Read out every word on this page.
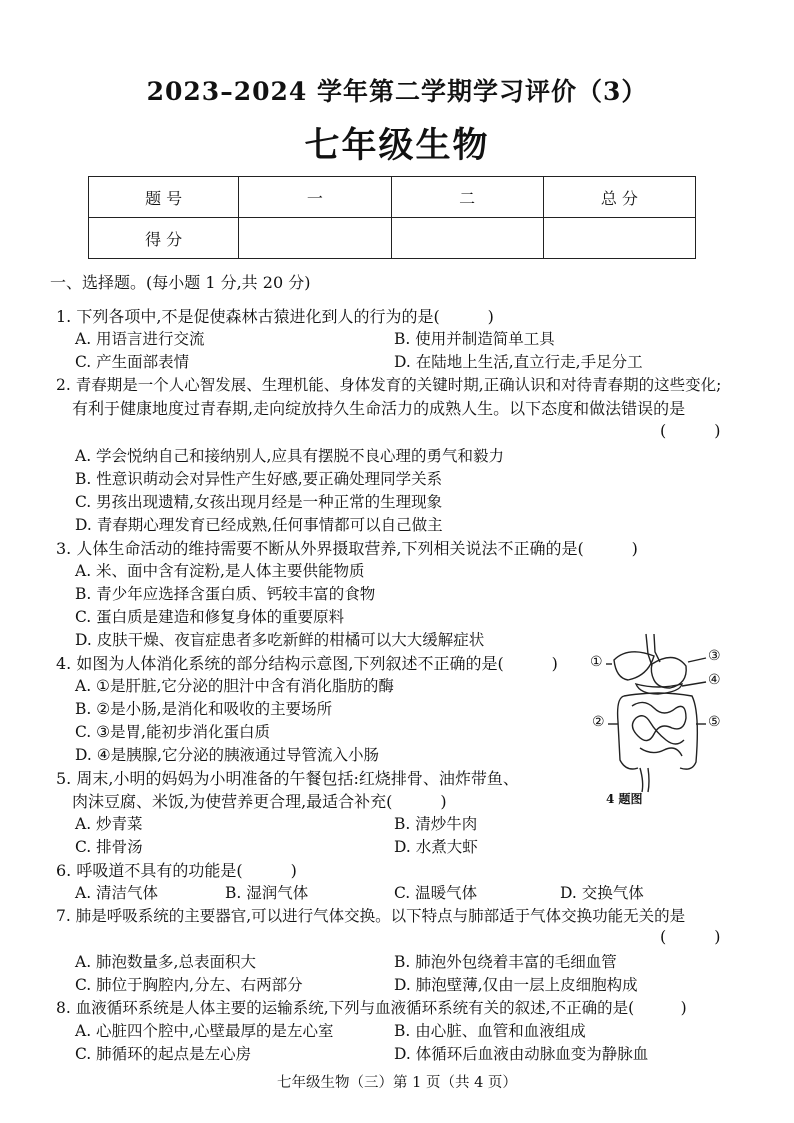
2023–2024 学年第二学期学习评价（3）
七年级生物
题 号	一	二	总 分
得 分			
一、选择题。(每小题 1 分,共 20 分)
1. 下列各项中,不是促使森林古猿进化到人的行为的是(　　　)
A. 用语言进行交流	B. 使用并制造简单工具
C. 产生面部表情	D. 在陆地上生活,直立行走,手足分工
2. 青春期是一个人心智发展、生理机能、身体发育的关键时期,正确认识和对待青春期的这些变化;
有利于健康地度过青春期,走向绽放持久生命活力的成熟人生。以下态度和做法错误的是
(　　　)
A. 学会悦纳自己和接纳别人,应具有摆脱不良心理的勇气和毅力
B. 性意识萌动会对异性产生好感,要正确处理同学关系
C. 男孩出现遗精,女孩出现月经是一种正常的生理现象
D. 青春期心理发育已经成熟,任何事情都可以自己做主
3. 人体生命活动的维持需要不断从外界摄取营养,下列相关说法不正确的是(　　　)
A. 米、面中含有淀粉,是人体主要供能物质
B. 青少年应选择含蛋白质、钙较丰富的食物
C. 蛋白质是建造和修复身体的重要原料
D. 皮肤干燥、夜盲症患者多吃新鲜的柑橘可以大大缓解症状
4. 如图为人体消化系统的部分结构示意图,下列叙述不正确的是(　　　)
A. ①是肝脏,它分泌的胆汁中含有消化脂肪的酶
B. ②是小肠,是消化和吸收的主要场所
C. ③是胃,能初步消化蛋白质
D. ④是胰腺,它分泌的胰液通过导管流入小肠
①
②
③
④
⑤
4 题图
5. 周末,小明的妈妈为小明准备的午餐包括:红烧排骨、油炸带鱼、
肉沫豆腐、米饭,为使营养更合理,最适合补充(　　　)
A. 炒青菜	B. 清炒牛肉
C. 排骨汤	D. 水煮大虾
6. 呼吸道不具有的功能是(　　　)
A. 清洁气体	B. 湿润气体	C. 温暖气体	D. 交换气体
7. 肺是呼吸系统的主要器官,可以进行气体交换。以下特点与肺部适于气体交换功能无关的是
(　　　)
A. 肺泡数量多,总表面积大	B. 肺泡外包绕着丰富的毛细血管
C. 肺位于胸腔内,分左、右两部分	D. 肺泡壁薄,仅由一层上皮细胞构成
8. 血液循环系统是人体主要的运输系统,下列与血液循环系统有关的叙述,不正确的是(　　　)
A. 心脏四个腔中,心壁最厚的是左心室	B. 由心脏、血管和血液组成
C. 肺循环的起点是左心房	D. 体循环后血液由动脉血变为静脉血
七年级生物（三）第 1 页（共 4 页）
